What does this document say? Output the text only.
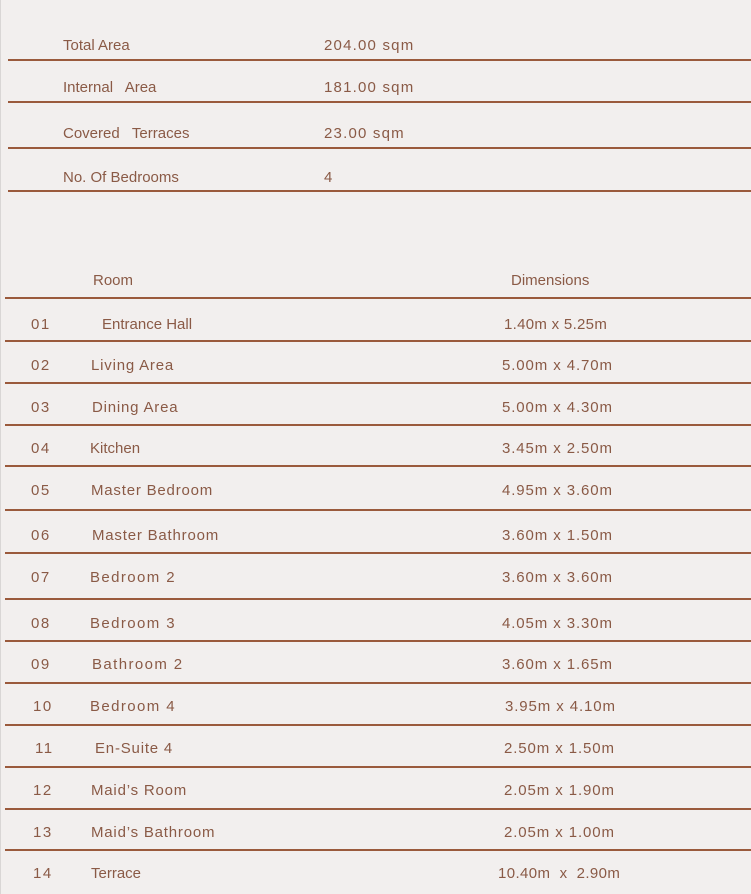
Total Area	204.00 sqm
Internal   Area	181.00 sqm
Covered   Terraces	23.00 sqm
No. Of Bedrooms	4
Room	Dimensions
01	Entrance Hall	1.40m x 5.25m
02	Living Area	5.00m x 4.70m
03	Dining Area	5.00m x 4.30m
04	Kitchen	3.45m x 2.50m
05	Master Bedroom	4.95m x 3.60m
06	Master Bathroom	3.60m x 1.50m
07	Bedroom 2	3.60m x 3.60m
08	Bedroom 3	4.05m x 3.30m
09	Bathroom 2	3.60m x 1.65m
10 Bedroom 4	3.95m x 4.10m
11	En-Suite 4	2.50m x 1.50m
12	Maid’s Room	2.05m x 1.90m
13	Maid’s Bathroom	2.05m x 1.00m
14	Terrace	10.40m  x  2.90m
